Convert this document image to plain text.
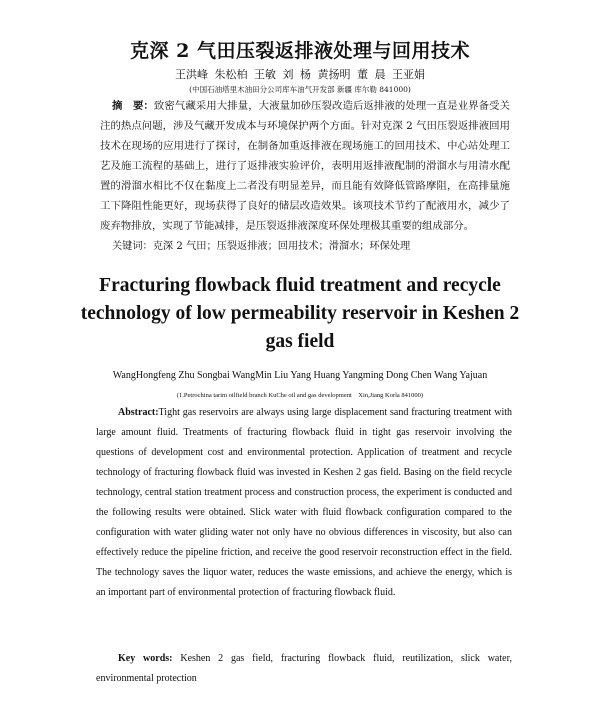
克深 2 气田压裂返排液处理与回用技术
王洪峰 朱松柏 王敏 刘 杨 黄扬明 董 晨 王亚娟
(中国石油塔里木油田分公司库车油气开发部 新疆 库尔勒 841000)
摘　要：致密气藏采用大排量，大液量加砂压裂改造后返排液的处理一直是业界备受关注的热点问题，涉及气藏开发成本与环境保护两个方面。针对克深 2 气田压裂返排液回用技术在现场的应用进行了探讨，在制备加重返排液在现场施工的回用技术、中心站处理工艺及施工流程的基础上，进行了返排液实验评价，表明用返排液配制的滑溜水与用清水配置的滑溜水相比不仅在黏度上二者没有明显差异，而且能有效降低管路摩阻，在高排量施工下降阻性能更好，现场获得了良好的储层改造效果。该项技术节约了配液用水，减少了废弃物排放，实现了节能减排，是压裂返排液深度环保处理极其重要的组成部分。
关键词：克深 2 气田；压裂返排液；回用技术；滑溜水；环保处理
Fracturing flowback fluid treatment and recycle technology of low permeability reservoir in Keshen 2 gas field
WangHongfeng Zhu Songbai WangMin Liu Yang Huang Yangming Dong Chen Wang Yajuan
(1.Petrochina tarim oilfield branch KuChe oil and gas development　Xin,Jiang Korla 841000)
Abstract:Tight gas reservoirs are always using large displacement sand fracturing treatment with large amount fluid. Treatments of fracturing flowback fluid in tight gas reservoir involving the questions of development cost and environmental protection. Application of treatment and recycle technology of fracturing flowback fluid was invested in Keshen 2 gas field. Basing on the field recycle technology, central station treatment process and construction process, the experiment is conducted and the following results were obtained. Slick water with fluid flowback configuration compared to the configuration with water gliding water not only have no obvious differences in viscosity, but also can effectively reduce the pipeline friction, and receive the good reservoir reconstruction effect in the field. The technology saves the liquor water, reduces the waste emissions, and achieve the energy, which is an important part of environmental protection of fracturing flowback fluid.
Key words: Keshen 2 gas field, fracturing flowback fluid, reutilization, slick water, environmental protection
